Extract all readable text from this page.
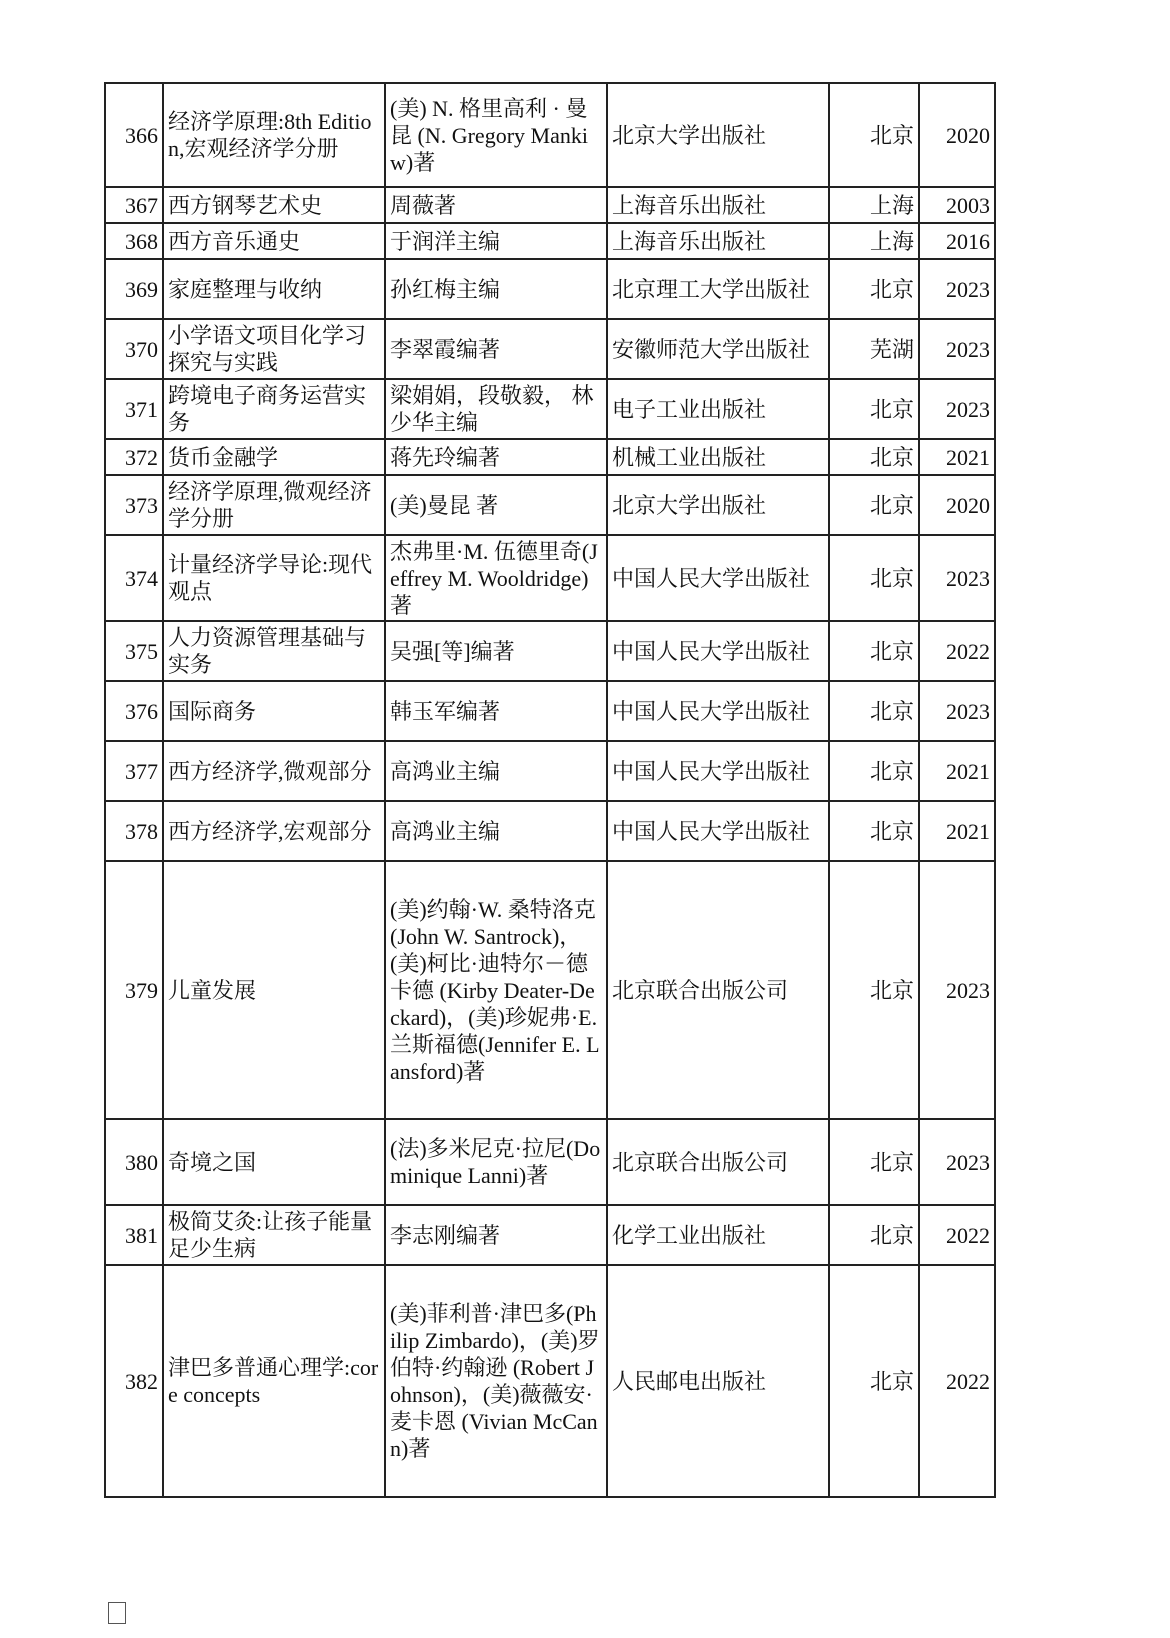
366	经济学原理:8th Edition,宏观经济学分册	(美) N. 格里高利 · 曼 昆 (N. Gregory Mankiw)著	北京大学出版社	北京	2020
367	西方钢琴艺术史	周薇著	上海音乐出版社	上海	2003
368	西方音乐通史	于润洋主编	上海音乐出版社	上海	2016
369	家庭整理与收纳	孙红梅主编	北京理工大学出版社	北京	2023
370	小学语文项目化学习探究与实践	李翠霞编著	安徽师范大学出版社	芜湖	2023
371	跨境电子商务运营实务	梁娟娟，段敬毅， 林少华主编	电子工业出版社	北京	2023
372	货币金融学	蒋先玲编著	机械工业出版社	北京	2021
373	经济学原理,微观经济学分册	(美)曼昆 著	北京大学出版社	北京	2020
374	计量经济学导论:现代观点	杰弗里·M. 伍德里奇(Jeffrey M. Wooldridge)著	中国人民大学出版社	北京	2023
375	人力资源管理基础与实务	吴强[等]编著	中国人民大学出版社	北京	2022
376	国际商务	韩玉军编著	中国人民大学出版社	北京	2023
377	西方经济学,微观部分	高鸿业主编	中国人民大学出版社	北京	2021
378	西方经济学,宏观部分	高鸿业主编	中国人民大学出版社	北京	2021
379	儿童发展	(美)约翰·W. 桑特洛克(John W. Santrock)，(美)柯比·迪特尔－德卡德 (Kirby Deater-Deckard)，(美)珍妮弗·E. 兰斯福德(Jennifer E. Lansford)著	北京联合出版公司	北京	2023
380	奇境之国	(法)多米尼克·拉尼(Dominique Lanni)著	北京联合出版公司	北京	2023
381	极简艾灸:让孩子能量足少生病	李志刚编著	化学工业出版社	北京	2022
382	津巴多普通心理学:core concepts	(美)菲利普·津巴多(Philip Zimbardo)，(美)罗伯特·约翰逊 (Robert Johnson)，(美)薇薇安·麦卡恩 (Vivian McCann)著	人民邮电出版社	北京	2022
